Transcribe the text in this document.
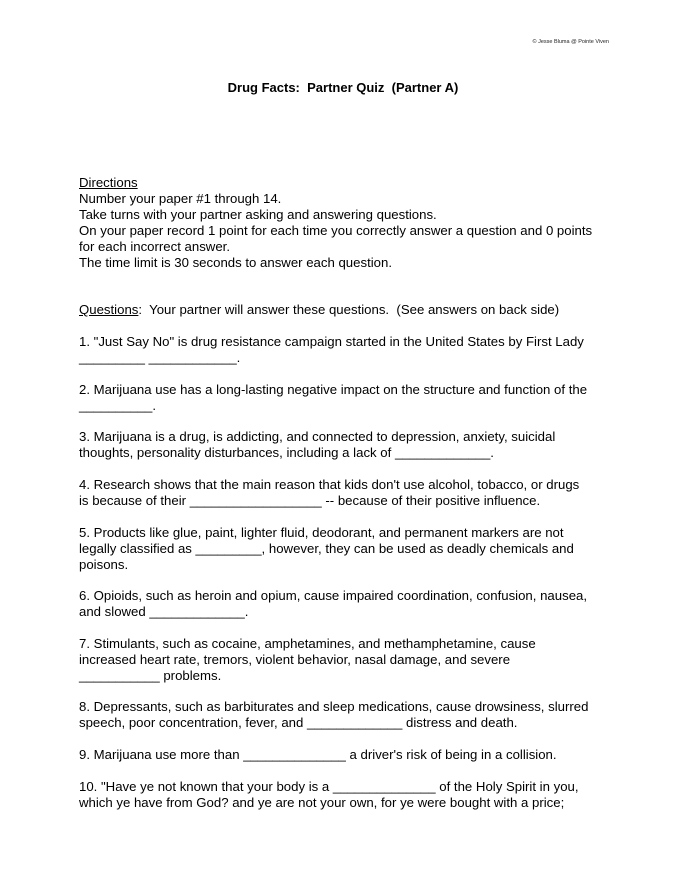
© Jesse Bluma @ Pointe Viven
Drug Facts:  Partner Quiz  (Partner A)
Directions
Number your paper #1 through 14.
Take turns with your partner asking and answering questions.
On your paper record 1 point for each time you correctly answer a question and 0 points
for each incorrect answer.
The time limit is 30 seconds to answer each question.
Questions:  Your partner will answer these questions.  (See answers on back side)
1. "Just Say No" is drug resistance campaign started in the United States by First Lady
_________ ____________.
2. Marijuana use has a long-lasting negative impact on the structure and function of the
__________.
3. Marijuana is a drug, is addicting, and connected to depression, anxiety, suicidal
thoughts, personality disturbances, including a lack of _____________.
4. Research shows that the main reason that kids don't use alcohol, tobacco, or drugs
is because of their __________________ -- because of their positive influence.
5. Products like glue, paint, lighter fluid, deodorant, and permanent markers are not
legally classified as _________, however, they can be used as deadly chemicals and
poisons.
6. Opioids, such as heroin and opium, cause impaired coordination, confusion, nausea,
and slowed _____________.
7. Stimulants, such as cocaine, amphetamines, and methamphetamine, cause
increased heart rate, tremors, violent behavior, nasal damage, and severe
___________ problems.
8. Depressants, such as barbiturates and sleep medications, cause drowsiness, slurred
speech, poor concentration, fever, and _____________ distress and death.
9. Marijuana use more than ______________ a driver's risk of being in a collision.
10. "Have ye not known that your body is a ______________ of the Holy Spirit in you,
which ye have from God? and ye are not your own, for ye were bought with a price;
